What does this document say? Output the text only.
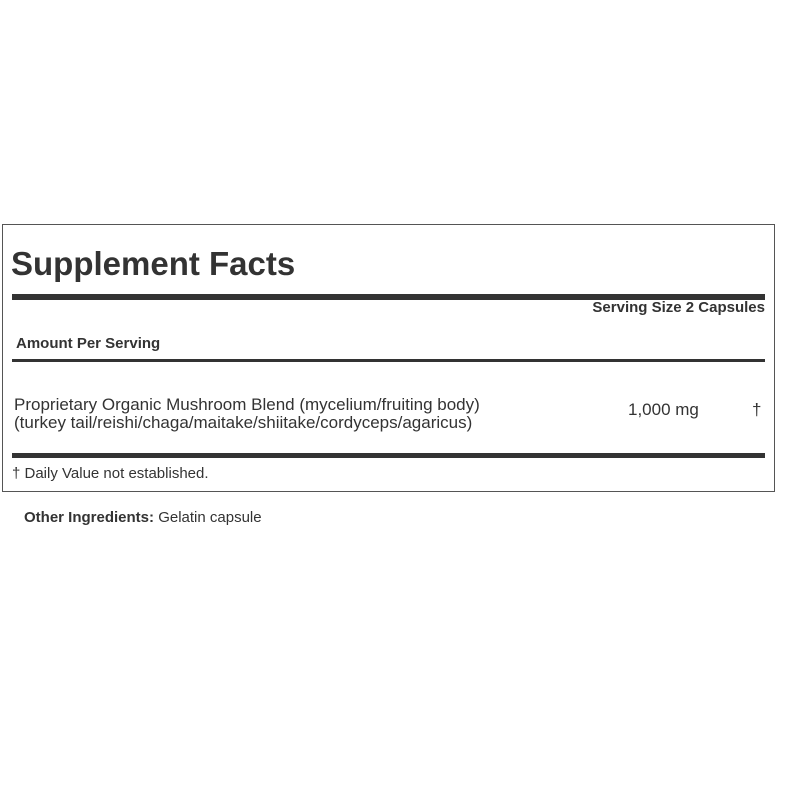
Supplement Facts
Serving Size 2 Capsules
Amount Per Serving
Proprietary Organic Mushroom Blend (mycelium/fruiting body)(turkey tail/reishi/chaga/maitake/shiitake/cordyceps/agaricus)
1,000 mg	†
† Daily Value not established.
Other Ingredients: Gelatin capsule
